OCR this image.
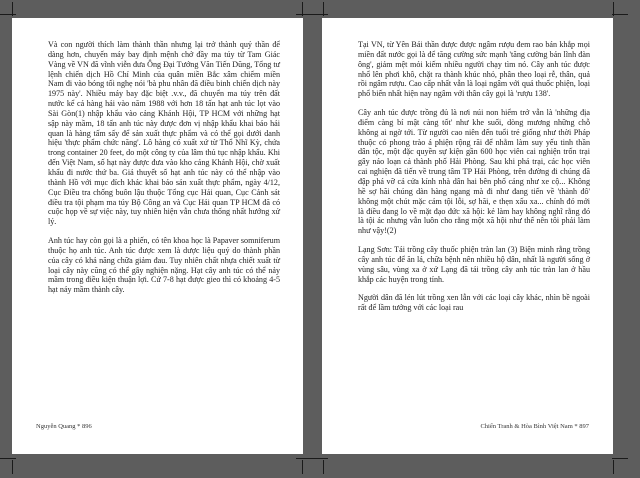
Và con người thích làm thành thần nhưng lại trở thành quỷ thần để dàng hơn, chuyến máy bay định mệnh chở đầy ma túy từ Tam Giác Vàng về VN đã vĩnh viễn đưa Ông Đại Tướng Văn Tiến Dũng, Tổng tư lệnh chiến dịch Hồ Chí Minh của quân miền Bắc xâm chiếm miền Nam đi vào bóng tối nghẹ nói 'bà phu nhân đã điều binh chiến dịch này 1975 này'. Nhiều máy bay đặc biệt .v.v., đã chuyển ma túy trên đất nước kể cả hàng hải vào năm 1988 với hơn 18 tấn hạt anh túc lọt vào Sài Gòn(1) nhập khẩu vào cảng Khánh Hội, TP HCM với những hạt sập này mầm, 18 tấn anh túc này được đơn vị nhập khẩu khai báo hải quan là hàng tấm sấy để sản xuất thực phẩm và có thể gọi dưới danh hiệu 'thực phẩm chức năng'. Lô hàng có xuất xứ từ Thổ Nhĩ Kỳ, chứa trong container 20 feet, do một công ty của lâm thủ tục nhập khẩu. Khi đến Việt Nam, số hạt này được đưa vào kho cảng Khánh Hội, chờ xuất khẩu đi nước thứ ba. Giả thuyết số hạt anh túc này có thể nhập vào thành Hồ với mục đích khác khai báo sản xuất thực phẩm, ngày 4/12, Cục Điều tra chống buôn lậu thuộc Tổng cục Hải quan, Cục Cảnh sát điều tra tội phạm ma túy Bộ Công an và Cục Hải quan TP HCM đã có cuộc họp về sự việc này, tuy nhiên hiện vẫn chưa thống nhất hướng xử lý.

Anh túc hay còn gọi là a phiến, có tên khoa học là Papaver somniferum thuộc họ anh túc. Anh túc được xem là dược liệu quý do thành phần của cây có khả năng chữa giảm đau. Tuy nhiên chất nhựa chiết xuất từ loại cây này cũng có thể gây nghiện nặng. Hạt cây anh túc có thể nảy mầm trong điều kiện thuận lợi. Cứ 7-8 hạt được gieo thì có khoảng 4-5 hạt nảy mầm thành cây.

Nguyễn Quang * 896

Tại VN, từ Yên Bái thần được được ngâm rượu đem rao bán khắp mọi miền đất nước gọi là để tăng cường sức mạnh 'tăng cường bản lĩnh đàn ông', giảm mệt mỏi kiếm nhiều người chạy tìm nó. Cây anh túc được nhổ lên phơi khô, chặt ra thành khúc nhỏ, phân theo loại rễ, thân, quả rồi ngâm rượu. Cao cấp nhất vẫn là loại ngâm với quả thuốc phiện, loại phổ biến nhất hiện nay ngâm với thân cây gọi là 'rượu 138'.

Cây anh túc được trồng đủ là nơi núi non hiểm trở vẫn là 'những địa điểm càng bí mật càng tốt' như khe suối, dòng mương những chỗ không ai ngờ tới. Từ người cao niên đến tuổi trẻ giống như thời Pháp thuộc có phong trào á phiện rộng rãi để nhằm làm suy yếu tinh thần dân tộc, một đặc quyền sự kiện gần 600 học viên cai nghiện trốn trại gây náo loạn cả thành phố Hải Phòng. Sau khi phá trại, các học viên cai nghiện đã tiến về trung tâm TP Hải Phòng, trên đường đi chúng đã đập phá vỡ cả cửa kính nhà dân hai bên phố cảng như xe cộ... Không hề sợ hãi chúng dàn hàng ngang mà đi như đang tiến về 'thành đô' không một chút mặc cảm tội lỗi, sợ hãi, e thẹn xấu xa... chính đó mới là điều đang lo về mặt đạo đức xã hội: kẻ làm hay không nghĩ rằng đó là tội ác nhưng vẫn luôn cho rằng một xã hội như thế nên tôi phải làm như vậy!(2)

Lạng Sơn: Tái trồng cây thuốc phiện tràn lan (3) Biện minh rằng trồng cây anh túc để ăn lá, chữa bệnh nên nhiều hộ dân, nhất là người sống ở vùng sâu, vùng xa ở xứ Lạng đã tái trồng cây anh túc tràn lan ở hầu khắp các huyện trong tỉnh.

Người dân đã lén lút trồng xen lẫn với các loại cây khác, nhìn bề ngoài rất để lầm tưởng với các loại rau

Chiến Tranh & Hòa Bình Việt Nam * 897
